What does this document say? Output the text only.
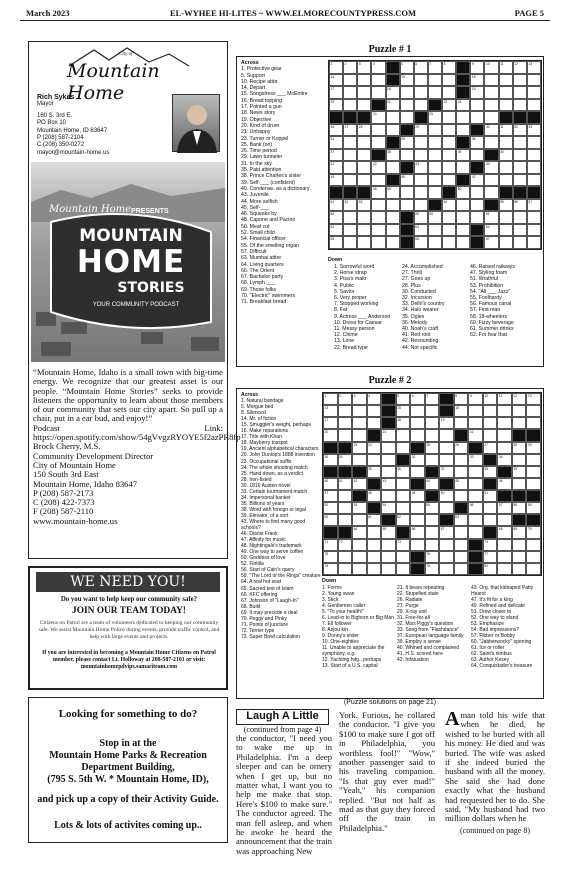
March 2023	EL-WYHEE HI-LITES ~ WWW.ELMORECOUNTYPRESS.COM	PAGE 5
City of
Mountain Home
Rich Sykes
Mayor
160 S. 3rd E.
PO Box 10
Mountain Home, ID 83647
P (208) 587-2104
C (208) 350-0272
mayor@mountain-home.us
Mountain Home PRESENTS
MOUNTAIN
HOME
STORIES
YOUR COMMUNITY PODCAST
“Mountain Home, Idaho is a small town with big-time energy. We recognize that our greatest asset is our people. “Mountain Home Stories” seeks to provide listeners the opportunity to learn about those members of our community that sets our city apart. So pull up a chair, put in a ear bud, and enjoy!”
Podcast Link: https://open.spotify.com/show/54gVvgzRYOYE5f2azPR8fp
Brock Cherry, M.S.
Community Development Director
City of Mountain Home
150 South 3rd East
Mountain Home, Idaho 83647
P (208) 587-2173
C (208) 422-7373
F (208) 587-2110
www.mountain-home.us
WE NEED YOU!
Do you want to help keep our community safe?
JOIN OUR TEAM TODAY!
Citizens on Patrol are a team of volunteers dedicated to keeping our community safe. We assist Mountain Home Police during events, provide traffic control, and help with large events and projects.
If you are interested in becoming a Mountain Home Citizens on Patrol member, please contact Lt. Holloway at 208-587-2101 or visit: mountainhomepdvips.samariteam.com
Looking for something to do?
Stop in at the
Mountain Home Parks & Recreation Department Building,
(795 S. 5th W. * Mountain Home, ID),
and pick up a copy of their Activity Guide.
Lots & lots of activites coming up..
Puzzle # 1
Across
1. Protective gear
5. Support
10. Recipe abbr.
14. Depart
15. Songstress ___ McEntire
16. Bread topping
17. Pointed a gun
18. News story
19. Objective
20. Kind of drum
21. Unhappy
23. Turner or Koppel
25. Bank (on)
26. Time period
29. Lawn tunneler
31. In the sky
35. Paid attention
38. Prince Charles's sister
39. Self-___ (confident)
40. Condense, as a dictionary
43. Juvenile
44. More selfish
45. Self-___
46. Squeaks by
48. Capone and Pacino
50. Meat cut
52. Small child
54. Financial officer
55. Of the smelling organ
57. Difficult
63. Mumbai attire
64. Living quarters
66. The Orient
67. Bachelor party
68. Lymph ___
69. Those folks
70. "Electric" swimmers
71. Breakfast bread
1	2	3	4	5	6	7	8	9	10	11	12	13
14	15	16
17	18	19
20	21	22	23
24	25
26	27	28	29	30	31	32	33
34	35	36
37	38	39	40
41	42	43	44
45	46	47
48	49	50
51	52	53	54	55	56	57
58	59	60	61
62	63	64
65	66	67
Down
1. Sorrowful word
2. Horse strap
3. Pisa's makr
4. Public
5. Savior
6. Very proper
7. Stopped working
8. Fat
9. Actress ___ Anderson
10. Dress for Caesar
11. Messy person
12. Chime
13. Lone
22. Bread type
24. Accomplished
27. Thrill
27. Goes up
28. Plus
30. Conducted
32. Incursion
33. Delhi's country
34. Halo wearer
35. Ogles
36. Melody
40. Noah's craft
41. Red root
42. Resounding
44. Not specific
46. Raised railways
47. Styling foam
51. Wrathful
53. Prohibition
54. "All ___ Jazz"
55. Foolhardy
56. Famous canal
57. First man
58. 18-wheelers
60. Fizzy beverage
61. Summer drinks
62. For fear that
Puzzle # 2
Across
1. Natural bandage
5. Morgue bed
8. Silenced
14. Mr. of fiction
15. Smuggler's weight, perhaps
16. Make reparations
17. Title with Khan
18. Mayberry tosspot
19. Ancient alphabetical characters
20. John Dunlop's 1888 invention
23. Occupational suffix
24. The whole shooting match
25. Hand down, as a verdict
28. Iron-fisted
30. 1816 Austen novel
33. Certain tournament match
34. Impersonal banker
35. Billions of years
38. Word with foreign or legal
39. Elevator, of a sort
43. Where to find many good schools?
46. Diarist Frank
47. Affinity for music
48. Nightingale's trademark
49. One way to serve coffee
50. Goddess of love
52. Flotilla
56. Start of Cain's query
59. "The Lord of the Rings" creature
64. A real hot seat
65. Sacred text of Islam
66. KFC offering
67. Johnson of "Laugh-In"
68. Build
69. It may precede a deal
70. Peggy and Pinky
71. Points of juncture
72. Terrier type
73. Super Bowl calculation
1	2	3	4	5	6	7	8	9	10	11	12	13
14	15	16
17	18	19
20	21	22
23	24	25	26	27	28	29
30	31	32	33	34
35	36	37	38	39
40	41	42	43	44	45	46
47	48	49	50	51
52	53	54	55	56	57	58	59
60	61	62	63
64	65	66	67	68	69	70
71	72	73	74
75	76	77
78	79	80
Down
1. Forms
2. Young swan
3. Stick
4. Gentlemen caller
5. "To your health!"
6. Lead-in to Bighorn or Big Man
7. Ell follower
8. Anjou kin
9. Donny's sister
10. One-eighties
11. Unable to appreciate the symphony, e.g.
12. Yachting hdg., perhaps
13. Start of a U.S. capital
21. It bears repeating
22. Stupefied state
26. Radiate
27. Purge
29. X-ray unit
31. Free-for-all
32. Miss Piggy's question
33. Song from "Flashdance"
37. European language family
39. Employ a sense
40. Whined and complained
41. H.S. scored here
42. Infatuation
43. Org. that kidnaped Patty Hearst
47. It's fit for a king
49. Refined and delicate
51. Drew closer to
52. One way to stand
53. Emphasize
54. Bad impressions?
57. Fibber or Bobby
60. "Jabberwocky" opening
61. Ice or roller
62. Saint's nimbus
63. Author Kesey
64. Conquistador's treasure
(Puzzle solutions on page 21)
Laugh A Little
(continued from page 4)
the conductor, "I need you to wake me up in Philadelphia. I'm a deep sleeper and can be ornery when I get up, but no matter what, I want you to help me make that stop. Here's $100 to make sure." The conductor agreed. The man fell asleep, and when he awoke he heard the announcement that the train was approaching New
York. Furious, he collared the conductor. "I give you $100 to make sure I got off in Philadelphia, you worthless fool!" "Wow," another passenger said to his traveling companion. "Is that guy ever mad!" "Yeah," his companion replied. "But not half as mad as that guy they forced off the train in Philadelphia."
A man told his wife that when he died, he wished to be buried with all his money. He died and was buried. The wife was asked if she indeed buried the husband with all the money. She said she had done exactly what the husband had requested her to do. She said, "My husband had two million dollars when he
(continued on page 8)
